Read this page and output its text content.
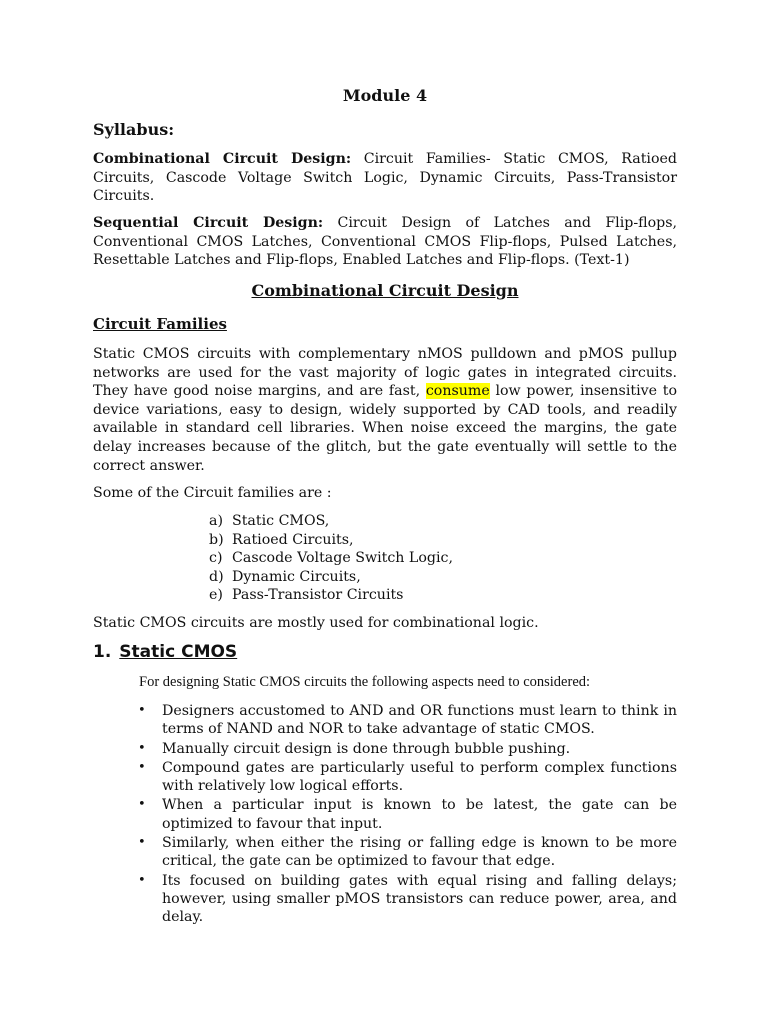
Module 4
Syllabus:

Combinational Circuit Design: Circuit Families- Static CMOS, Ratioed Circuits, Cascode Voltage Switch Logic, Dynamic Circuits, Pass-Transistor Circuits.

Sequential Circuit Design: Circuit Design of Latches and Flip-flops, Conventional CMOS Latches, Conventional CMOS Flip-flops, Pulsed Latches, Resettable Latches and Flip-flops, Enabled Latches and Flip-flops. (Text-1)

Combinational Circuit Design
Circuit Families

Static CMOS circuits with complementary nMOS pulldown and pMOS pullup networks are used for the vast majority of logic gates in integrated circuits. They have good noise margins, and are fast, consume low power, insensitive to device variations, easy to design, widely supported by CAD tools, and readily available in standard cell libraries. When noise exceed the margins, the gate delay increases because of the glitch, but the gate eventually will settle to the correct answer.

Some of the Circuit families are :

a) Static CMOS,
b) Ratioed Circuits,
c) Cascode Voltage Switch Logic,
d) Dynamic Circuits,
e) Pass-Transistor Circuits

Static CMOS circuits are mostly used for combinational logic.

1. Static CMOS
For designing Static CMOS circuits the following aspects need to considered:
•	Designers accustomed to AND and OR functions must learn to think in terms of NAND and NOR to take advantage of static CMOS.
•	Manually circuit design is done through bubble pushing.
•	Compound gates are particularly useful to perform complex functions with relatively low logical efforts.
•	When a particular input is known to be latest, the gate can be optimized to favour that input.
•	Similarly, when either the rising or falling edge is known to be more critical, the gate can be optimized to favour that edge.
•	Its focused on building gates with equal rising and falling delays; however, using smaller pMOS transistors can reduce power, area, and delay.
